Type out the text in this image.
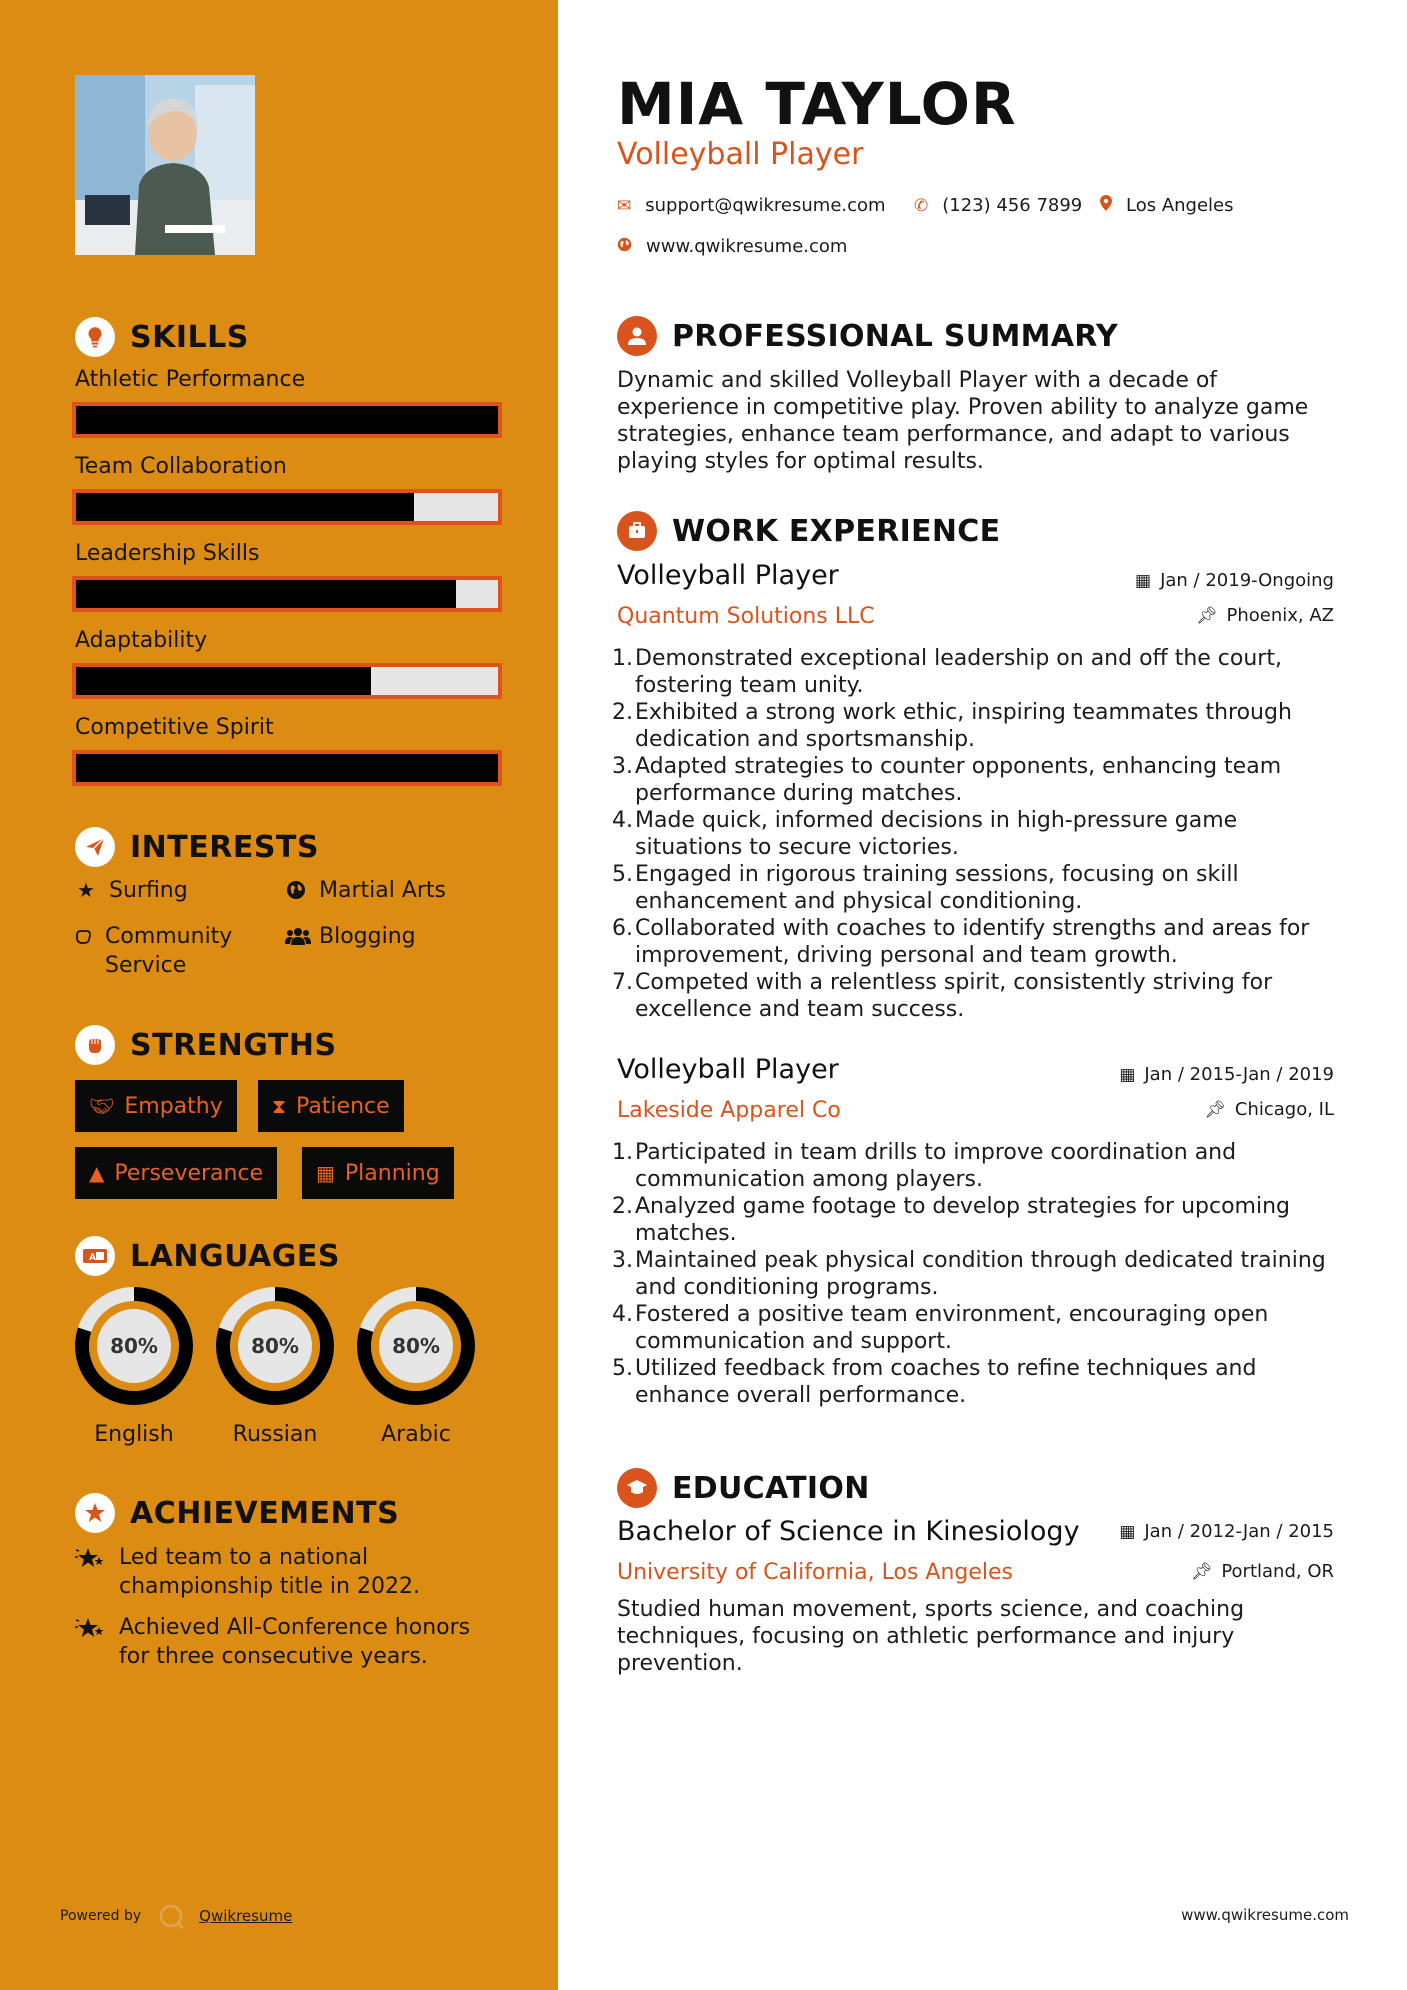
SKILLS
Athletic Performance
Team Collaboration
Leadership Skills
Adaptability
Competitive Spirit
INTERESTS
★ Surfing	Martial Arts
Community Service
Blogging
STRENGTHS
🤝︎ Empathy ⧗ Patience
▲ Perseverance	▦ Planning
A LANGUAGES
80%
English
80%
Russian
80%
Arabic
ACHIEVEMENTS
Led team to a national championship title in 2022.
Achieved All-Conference honors for three consecutive years.
Powered by	Qwikresume
MIA TAYLOR
Volleyball Player
✉ support@qwikresume.com ✆ (123) 456 7899 Los Angeles
www.qwikresume.com
PROFESSIONAL SUMMARY
Dynamic and skilled Volleyball Player with a decade of experience in competitive play. Proven ability to analyze game strategies, enhance team performance, and adapt to various playing styles for optimal results.
WORK EXPERIENCE
Volleyball Player	▦ Jan / 2019-Ongoing
Quantum Solutions LLC	📌︎ Phoenix, AZ
1. Demonstrated exceptional leadership on and off the court, fostering team unity.
2. Exhibited a strong work ethic, inspiring teammates through dedication and sportsmanship.
3. Adapted strategies to counter opponents, enhancing team performance during matches.
4. Made quick, informed decisions in high-pressure game situations to secure victories.
5. Engaged in rigorous training sessions, focusing on skill enhancement and physical conditioning.
6. Collaborated with coaches to identify strengths and areas for improvement, driving personal and team growth.
7. Competed with a relentless spirit, consistently striving for excellence and team success.
Volleyball Player	▦ Jan / 2015-Jan / 2019
Lakeside Apparel Co	📌︎ Chicago, IL
1. Participated in team drills to improve coordination and communication among players.
2. Analyzed game footage to develop strategies for upcoming matches.
3. Maintained peak physical condition through dedicated training and conditioning programs.
4. Fostered a positive team environment, encouraging open communication and support.
5. Utilized feedback from coaches to refine techniques and enhance overall performance.
EDUCATION
Bachelor of Science in Kinesiology ▦ Jan / 2012-Jan / 2015
University of California, Los Angeles	📌︎ Portland, OR
Studied human movement, sports science, and coaching techniques, focusing on athletic performance and injury prevention.
www.qwikresume.com
